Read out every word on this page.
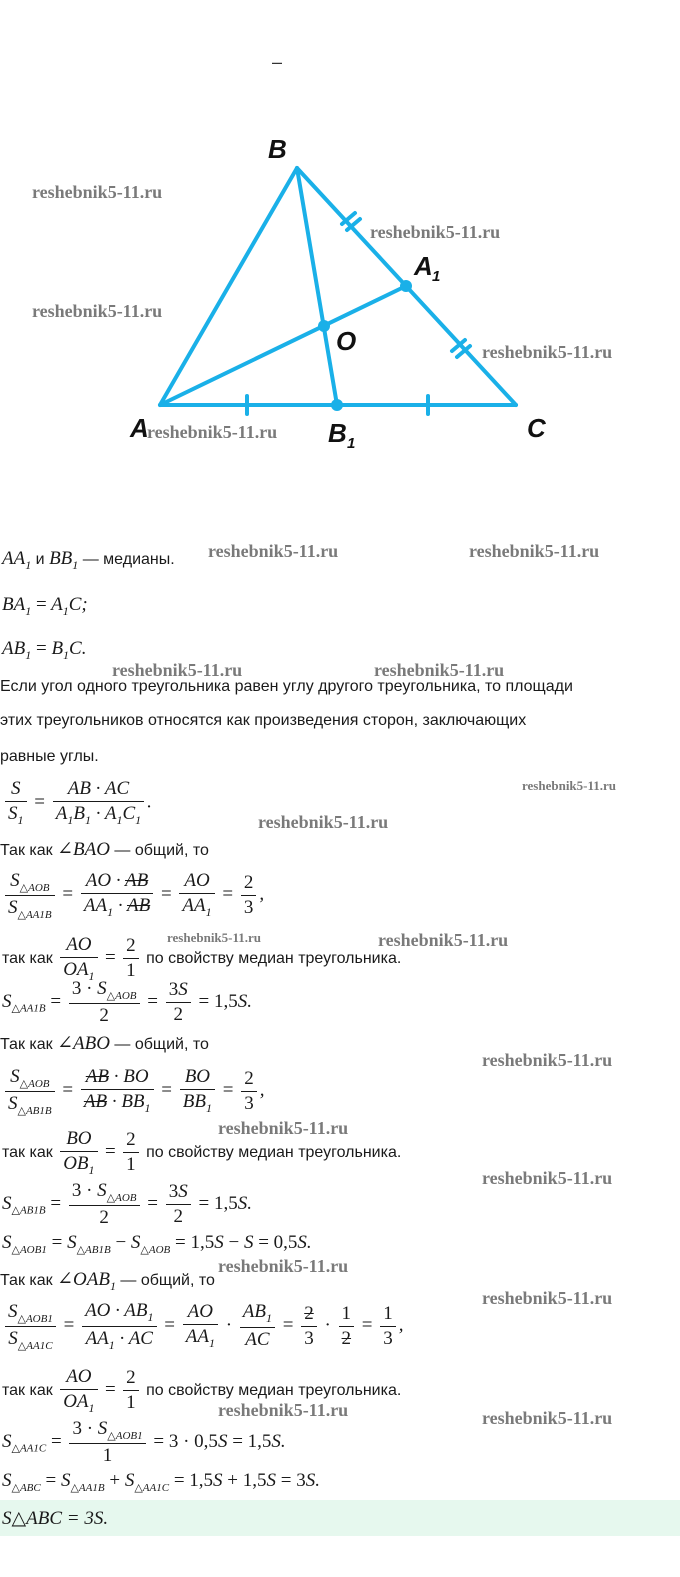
–
B
A 1
O
A	B 1
C
reshebnik5-11.ru
reshebnik5-11.ru
reshebnik5-11.ru
reshebnik5-11.ru
reshebnik5-11.ru
reshebnik5-11.ru	reshebnik5-11.ru
reshebnik5-11.ru	reshebnik5-11.ru
reshebnik5-11.ru
reshebnik5-11.ru
reshebnik5-11.ru	reshebnik5-11.ru
reshebnik5-11.ru
reshebnik5-11.ru
reshebnik5-11.ru
reshebnik5-11.ru
reshebnik5-11.ru
reshebnik5-11.ru	reshebnik5-11.ru
$AA_1$ и $BB_1$ — медианы.
$BA_1 = A_1C$;
$AB_1 = B_1C$.
Если угол одного треугольника равен углу другого треугольника, то площади
этих треугольников относятся как произведения сторон, заключающих
равные углы.
$\frac{S}{S_1} = \frac{AB \cdot AC}{A_1B_1 \cdot A_1C_1}$ .
Так как ∠BAO — общий, то
$\frac{S_{\triangle AOB}}{S_{\triangle AA1B}} = \frac{AO \cdot AB}{AA_1 \cdot AB} = \frac{AO}{AA_1} = \frac{2}{3}$ ,
так как $\frac{AO}{OA_1} = \frac{2}{1}$ по свойству медиан треугольника.
$S_{\triangle AA1B} = \frac{3 \cdot S_{\triangle AOB}}{2} = \frac{3S}{2} = 1,5S$.
Так как ∠ABO — общий, то
$\frac{S_{\triangle AOB}}{S_{\triangle AB1B}} = \frac{AB \cdot BO}{AB \cdot BB_1} = \frac{BO}{BB_1} = \frac{2}{3}$ ,
так как $\frac{BO}{OB_1} = \frac{2}{1}$ по свойству медиан треугольника.
$S_{\triangle AB1B} = \frac{3 \cdot S_{\triangle AOB}}{2} = \frac{3S}{2} = 1,5S$.
$S_{\triangle AOB1} = S_{\triangle AB1B} - S_{\triangle AOB} = 1,5S - S = 0,5S$.
Так как $\angle OAB_1$ — общий, то
$\frac{S_{\triangle AOB1}}{S_{\triangle AA1C}} = \frac{AO \cdot AB_1}{AA_1 \cdot AC} = \frac{AO}{AA_1} \cdot \frac{AB_1}{AC} = \frac{2}{3} \cdot \frac{1}{2} = \frac{1}{3}$ ,
так как $\frac{AO}{OA_1} = \frac{2}{1}$ по свойству медиан треугольника.
$S_{\triangle AA1C} = \frac{3 \cdot S_{\triangle AOB1}}{1} = 3 \cdot 0,5S = 1,5S$.
$S_{\triangle ABC} = S_{\triangle AA1B} + S_{\triangle AA1C} = 1,5S + 1,5S = 3S$.
S△ABC = 3S.
